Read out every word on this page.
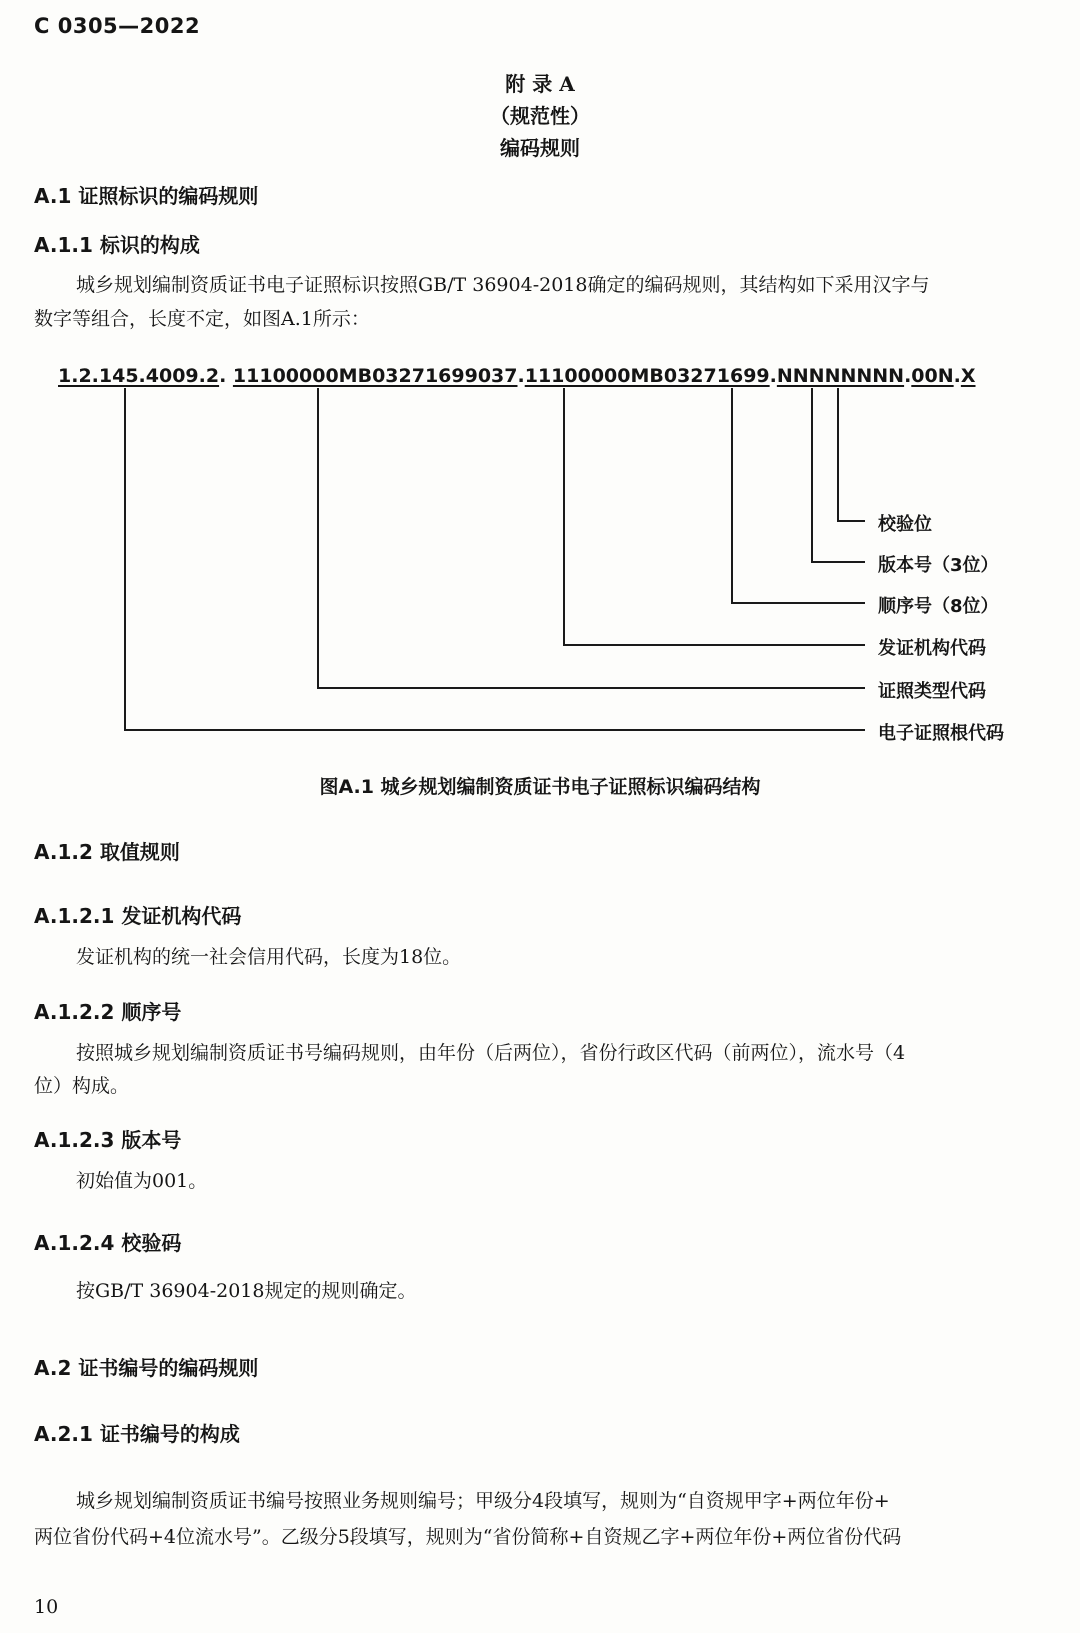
C 0305—2022
附 录 A
（规范性）
编码规则
A.1 证照标识的编码规则
A.1.1 标识的构成
城乡规划编制资质证书电子证照标识按照GB/T 36904-2018确定的编码规则，其结构如下采用汉字与
数字等组合，长度不定，如图A.1所示：
1.2.145.4009.2. 11100000MB03271699037.11100000MB03271699.NNNNNNNN.00N.X
校验位
版本号（3位）
顺序号（8位）
发证机构代码
证照类型代码
电子证照根代码
图A.1 城乡规划编制资质证书电子证照标识编码结构
A.1.2 取值规则
A.1.2.1 发证机构代码
发证机构的统一社会信用代码，长度为18位。
A.1.2.2 顺序号
按照城乡规划编制资质证书号编码规则，由年份（后两位），省份行政区代码（前两位），流水号（4
位）构成。
A.1.2.3 版本号
初始值为001。
A.1.2.4 校验码
按GB/T 36904-2018规定的规则确定。
A.2 证书编号的编码规则
A.2.1 证书编号的构成
城乡规划编制资质证书编号按照业务规则编号；甲级分4段填写，规则为“自资规甲字+两位年份+
两位省份代码+4位流水号”。乙级分5段填写，规则为“省份简称+自资规乙字+两位年份+两位省份代码
10
